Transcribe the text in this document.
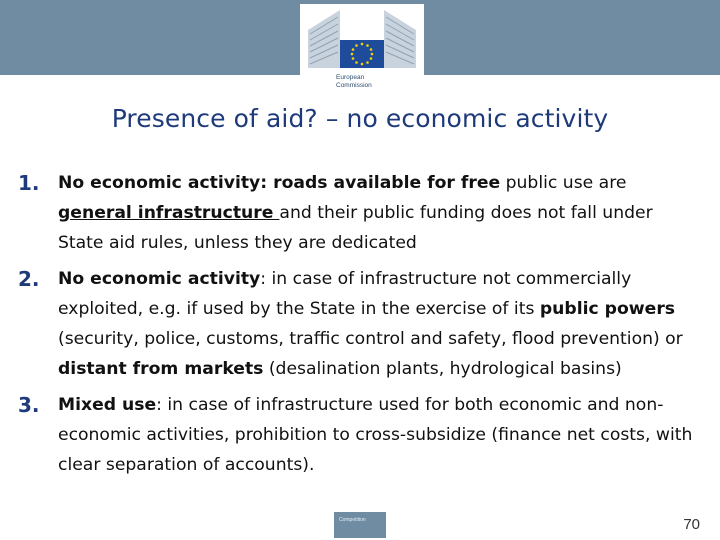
European
Commission
Presence of aid? – no economic activity
1. No economic activity: roads available for free public use are general infrastructure and their public funding does not fall under State aid rules, unless they are dedicated
2. No economic activity: in case of infrastructure not commercially exploited, e.g. if used by the State in the exercise of its public powers (security, police, customs, traffic control and safety, flood prevention) or distant from markets (desalination plants, hydrological basins)
3. Mixed use: in case of infrastructure used for both economic and non-economic activities, prohibition to cross-subsidize (finance net costs, with clear separation of accounts).
Competition	70
